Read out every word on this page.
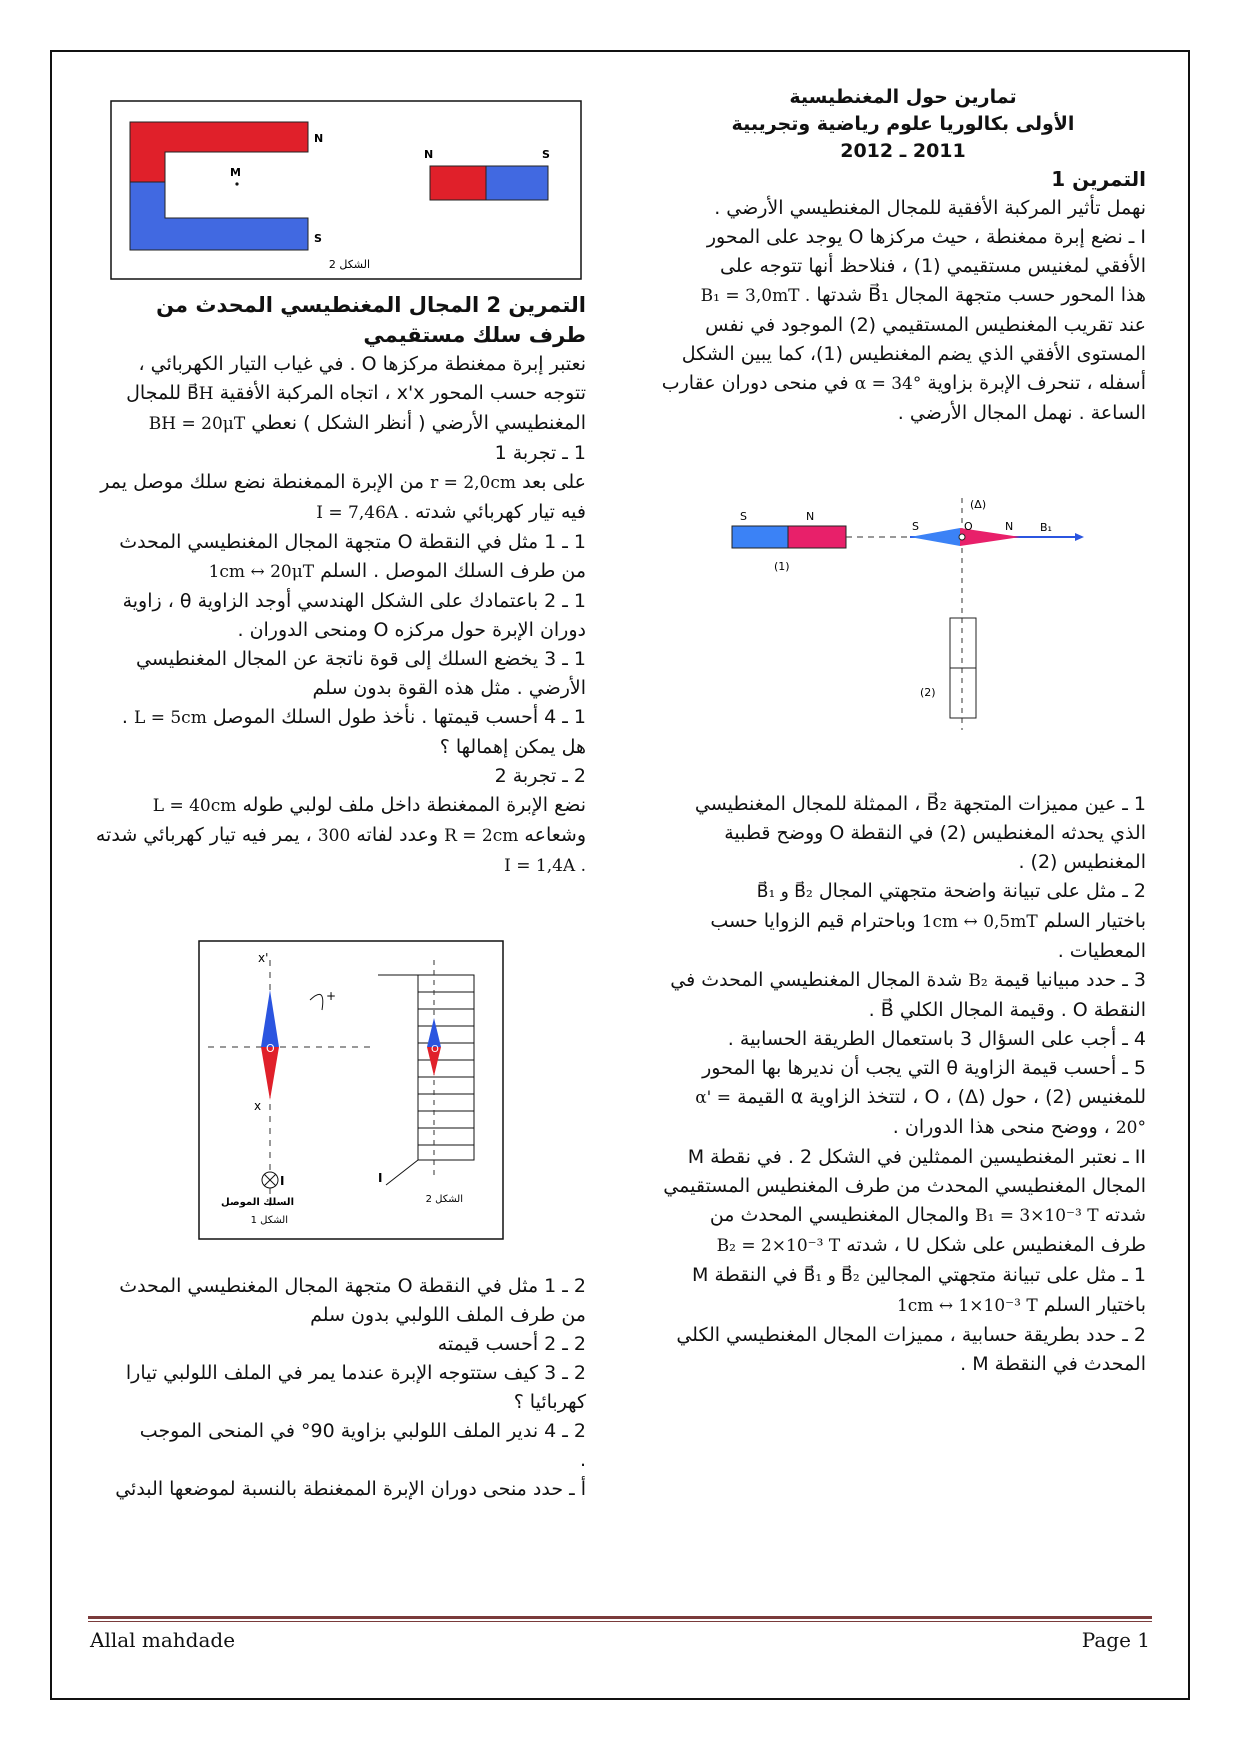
تمارين حول المغنطيسية
الأولى بكالوريا علوم رياضية وتجريبية
2011 ـ 2012
التمرين 1

نهمل تأثير المركبة الأفقية للمجال المغنطيسي الأرضي .

I ـ نضع إبرة ممغنطة ، حيث مركزها O يوجد على المحور الأفقي لمغنيس مستقيمي (1) ، فنلاحظ أنها تتوجه على

هذا المحور حسب متجهة المجال B⃗₁ شدتها B₁ = 3,0mT .

عند تقريب المغنطيس المستقيمي (2) الموجود في نفس المستوى الأفقي الذي يضم المغنطيس (1)، كما يبين الشكل أسفله ، تنحرف الإبرة بزاوية α = 34° في منحى دوران عقارب الساعة . نهمل المجال الأرضي .

S	N
S	N
O	B₁
(Δ)
(1)
(2)

1 ـ عين مميزات المتجهة B⃗₂ ، الممثلة للمجال المغنطيسي

الذي يحدثه المغنطيس (2) في النقطة O ووضح قطبية المغنطيس (2) .

2 ـ مثل على تبيانة واضحة متجهتي المجال B⃗₁ و B⃗₂

باختيار السلم 1cm ↔ 0,5mT وباحترام قيم الزوايا حسب المعطيات .

3 ـ حدد مبيانيا قيمة B₂ شدة المجال المغنطيسي المحدث في النقطة O . وقيمة المجال الكلي B⃗ .

4 ـ أجب على السؤال 3 باستعمال الطريقة الحسابية .

5 ـ أحسب قيمة الزاوية θ التي يجب أن نديرها بها المحور للمغنيس (2) ، حول (Δ) ، O ، لتتخذ الزاوية α القيمة α' = 20° ، ووضح منحى هذا الدوران .

II ـ نعتبر المغنطيسين الممثلين في الشكل 2 . في نقطة M المجال المغنطيسي المحدث من طرف المغنطيس المستقيمي شدته B₁ = 3×10⁻³ T والمجال المغنطيسي المحدث من طرف المغنطيس على شكل U ، شدته B₂ = 2×10⁻³ T

1 ـ مثل على تبيانة متجهتي المجالين B⃗₁ و B⃗₂ في النقطة M باختيار السلم 1cm ↔ 1×10⁻³ T

2 ـ حدد بطريقة حسابية ، مميزات المجال المغنطيسي الكلي المحدث في النقطة M .

N
S
M
N	S
الشكل 2
التمرين 2 المجال المغنطيسي المحدث من طرف سلك مستقيمي

نعتبر إبرة ممغنطة مركزها O . في غياب التيار الكهربائي ، تتوجه حسب المحور x'x ، اتجاه المركبة الأفقية B⃗H للمجال المغنطيسي الأرضي ( أنظر الشكل ) نعطي BH = 20μT

1 ـ تجربة 1

على بعد r = 2,0cm من الإبرة الممغنطة نضع سلك موصل يمر فيه تيار كهربائي شدته I = 7,46A .

1 ـ 1 مثل في النقطة O متجهة المجال المغنطيسي المحدث من طرف السلك الموصل . السلم 1cm ↔ 20μT

1 ـ 2 باعتمادك على الشكل الهندسي أوجد الزاوية θ ، زاوية دوران الإبرة حول مركزه O ومنحى الدوران .

1 ـ 3 يخضع السلك إلى قوة ناتجة عن المجال المغنطيسي الأرضي . مثل هذه القوة بدون سلم

1 ـ 4 أحسب قيمتها . نأخذ طول السلك الموصل L = 5cm . هل يمكن إهمالها ؟

2 ـ تجربة 2

نضع الإبرة الممغنطة داخل ملف لولبي طوله L = 40cm وشعاعه R = 2cm وعدد لفاته 300 ، يمر فيه تيار كهربائي شدته I = 1,4A .

x'
x
O
I
+
السلك الموصل
الشكل 1
O
I
الشكل 2

2 ـ 1 مثل في النقطة O متجهة المجال المغنطيسي المحدث

من طرف الملف اللولبي بدون سلم

2 ـ 2 أحسب قيمته

2 ـ 3 كيف ستتوجه الإبرة عندما يمر في الملف اللولبي تيارا

كهربائيا ؟

2 ـ 4 ندير الملف اللولبي بزاوية 90° في المنحى الموجب

.

أ ـ حدد منحى دوران الإبرة الممغنطة بالنسبة لموضعها البدئي

Allal mahdade	Page 1
